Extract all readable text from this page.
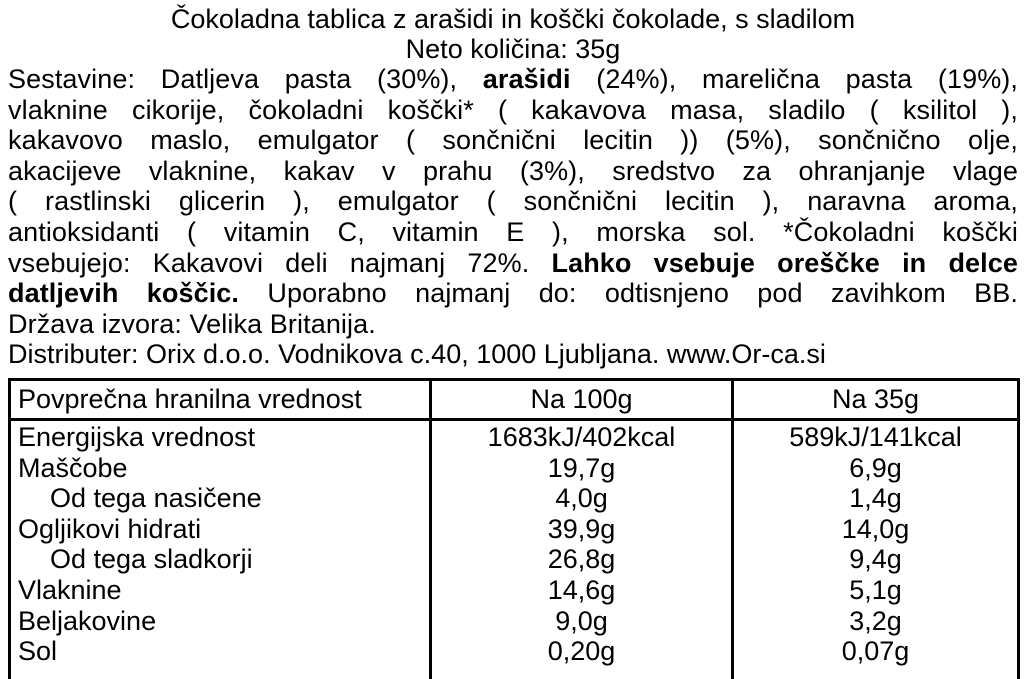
Čokoladna tablica z arašidi in koščki čokolade, s sladilom
Neto količina: 35g
Sestavine: Datljeva pasta (30%), arašidi (24%), marelična pasta (19%),
vlaknine cikorije, čokoladni koščki* ( kakavova masa, sladilo ( ksilitol ),
kakavovo maslo, emulgator ( sončnični lecitin )) (5%), sončnično olje,
akacijeve vlaknine, kakav v prahu (3%), sredstvo za ohranjanje vlage
( rastlinski glicerin ), emulgator ( sončnični lecitin ), naravna aroma,
antioksidanti ( vitamin C, vitamin E ), morska sol. *Čokoladni koščki
vsebujejo: Kakavovi deli najmanj 72%. Lahko vsebuje oreščke in delce
datljevih koščic. Uporabno najmanj do: odtisnjeno pod zavihkom BB.
Država izvora: Velika Britanija.
Distributer: Orix d.o.o. Vodnikova c.40, 1000 Ljubljana. www.Or-ca.si
Povprečna hranilna vrednost	Na 100g	Na 35g
Energijska vrednost	1683kJ/402kcal	589kJ/141kcal
Maščobe	19,7g	6,9g
Od tega nasičene	4,0g	1,4g
Ogljikovi hidrati	39,9g	14,0g
Od tega sladkorji	26,8g	9,4g
Vlaknine	14,6g	5,1g
Beljakovine	9,0g	3,2g
Sol	0,20g	0,07g
